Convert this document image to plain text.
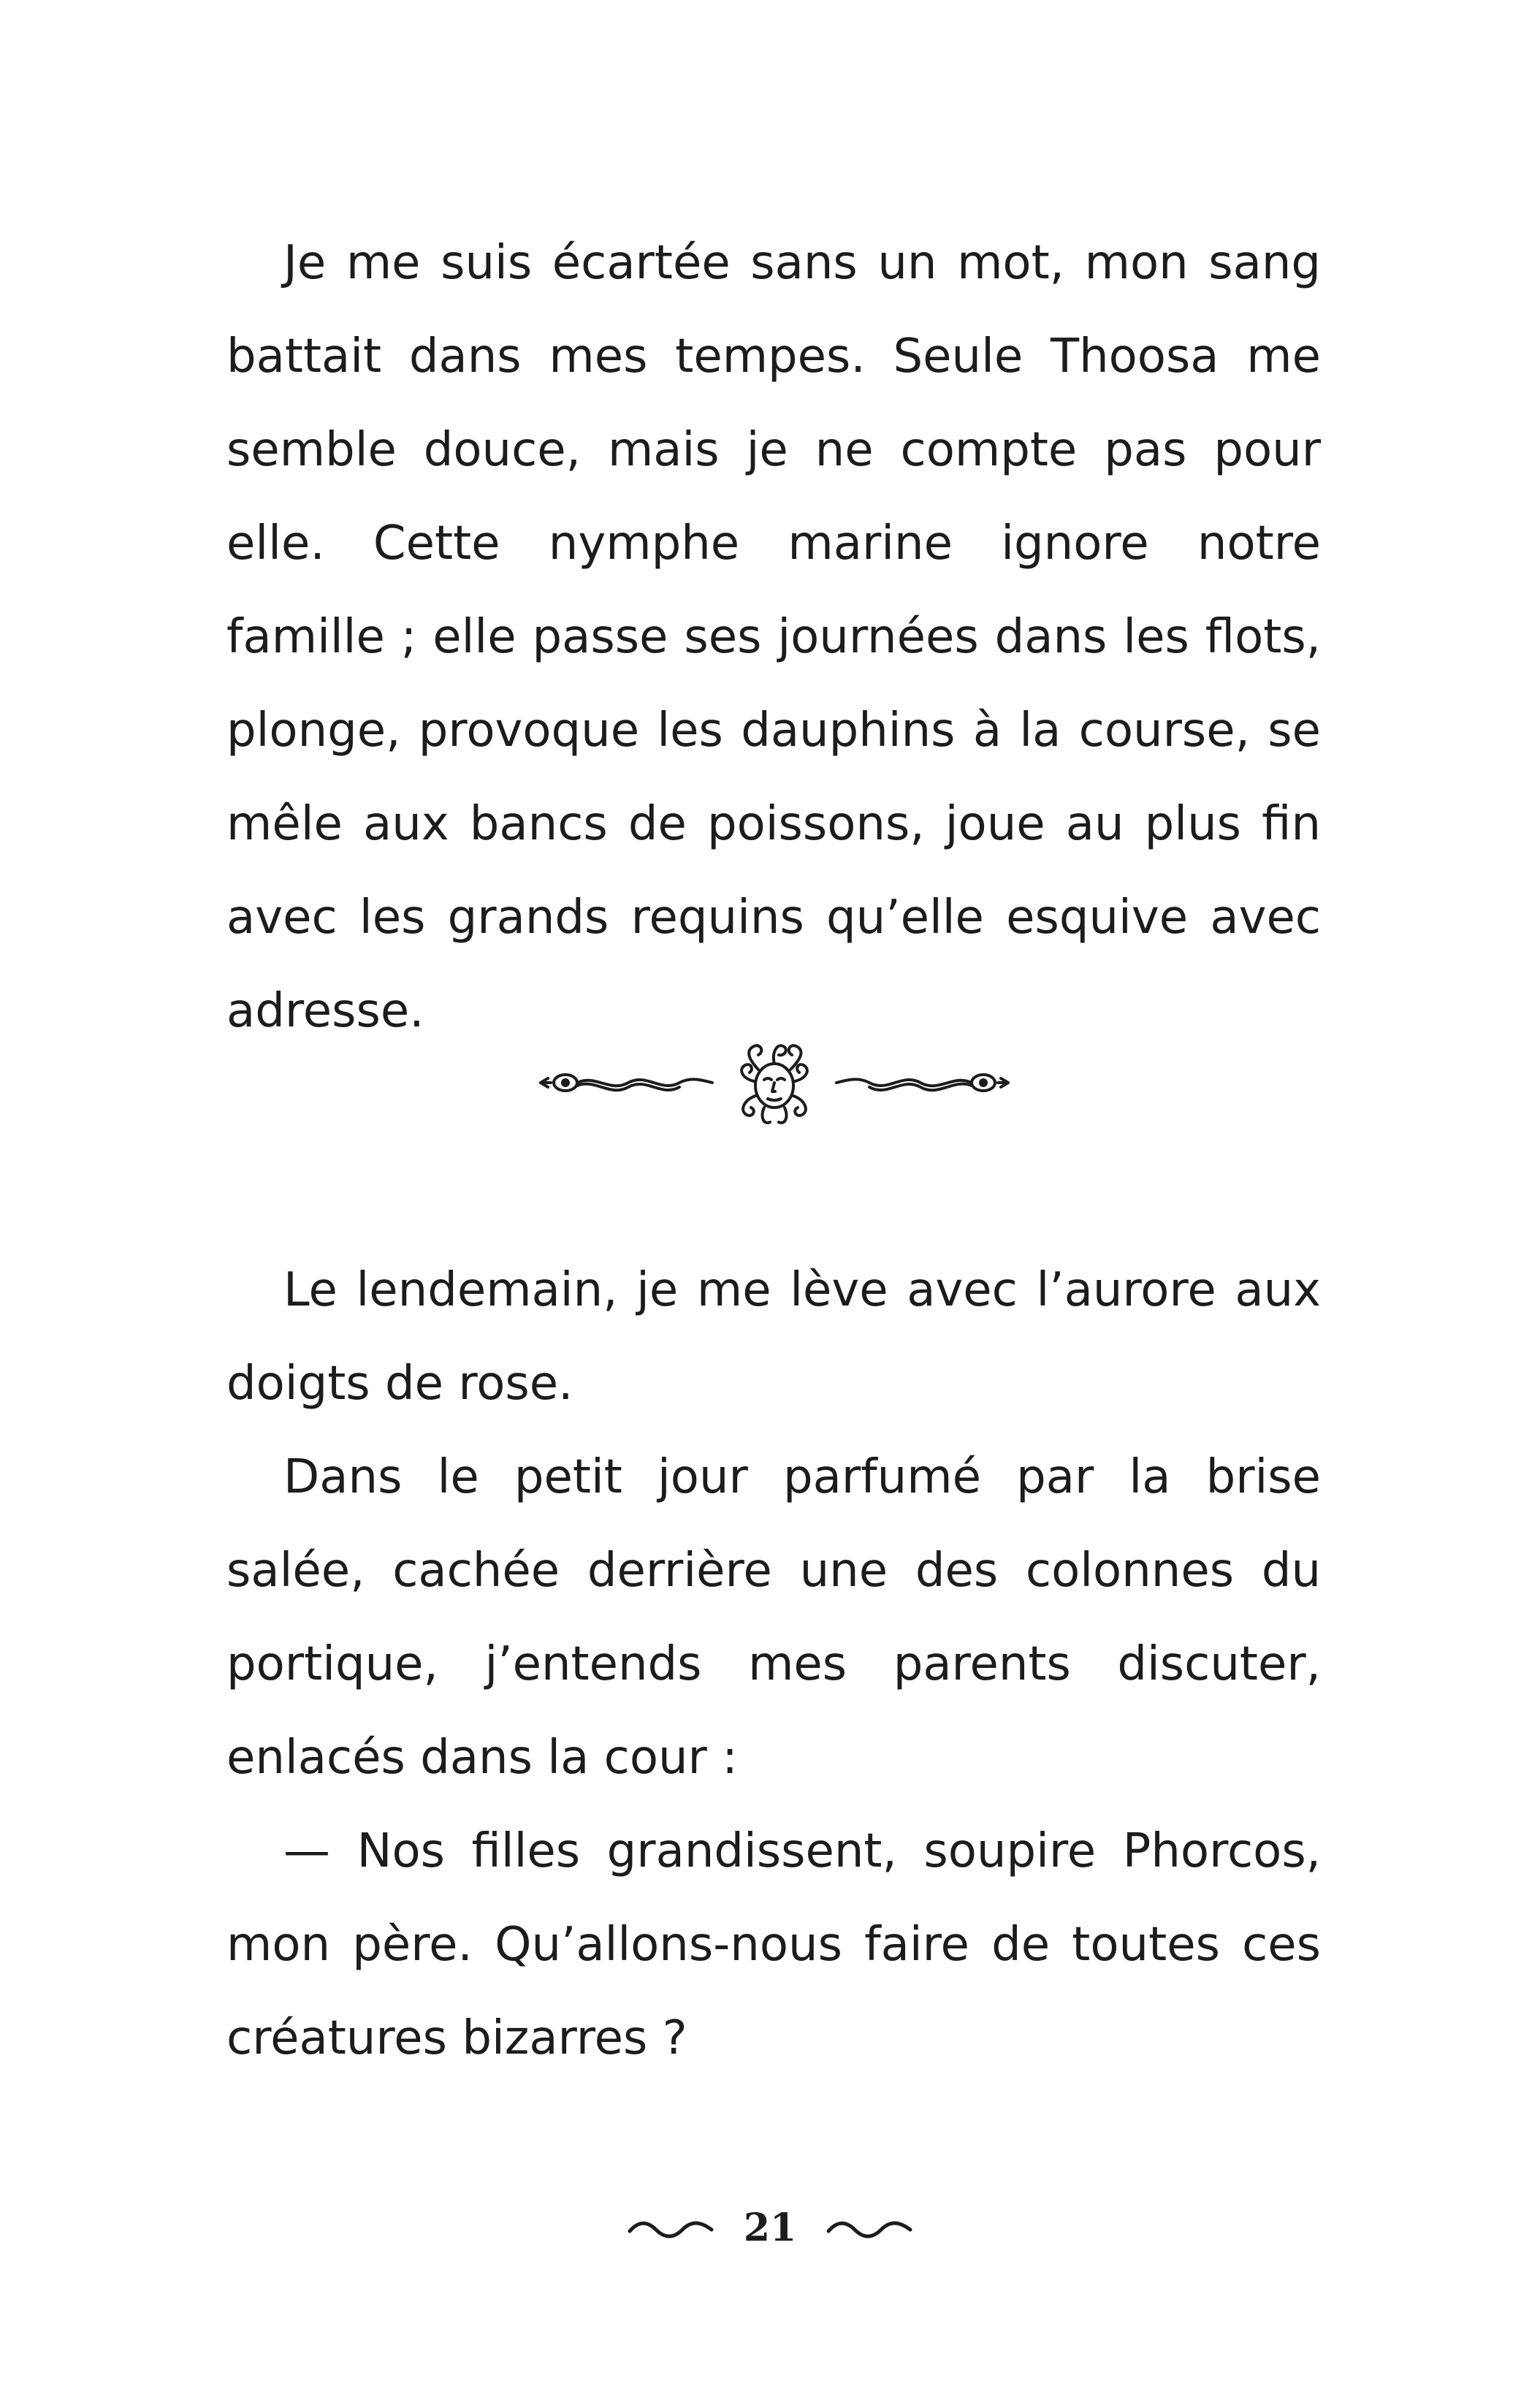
Je me suis écartée sans un mot, mon sang battait dans mes tempes. Seule Thoosa me semble douce, mais je ne compte pas pour elle. Cette nymphe marine ignore notre famille ; elle passe ses journées dans les flots, plonge, provoque les dauphins à la course, se mêle aux bancs de poissons, joue au plus fin avec les grands requins qu’elle esquive avec adresse.

Le lendemain, je me lève avec l’aurore aux doigts de rose.

Dans le petit jour parfumé par la brise salée, cachée derrière une des colonnes du portique, j’entends mes parents discuter, enlacés dans la cour :

— Nos filles grandissent, soupire Phorcos, mon père. Qu’allons-nous faire de toutes ces créatures bizarres ?

21
